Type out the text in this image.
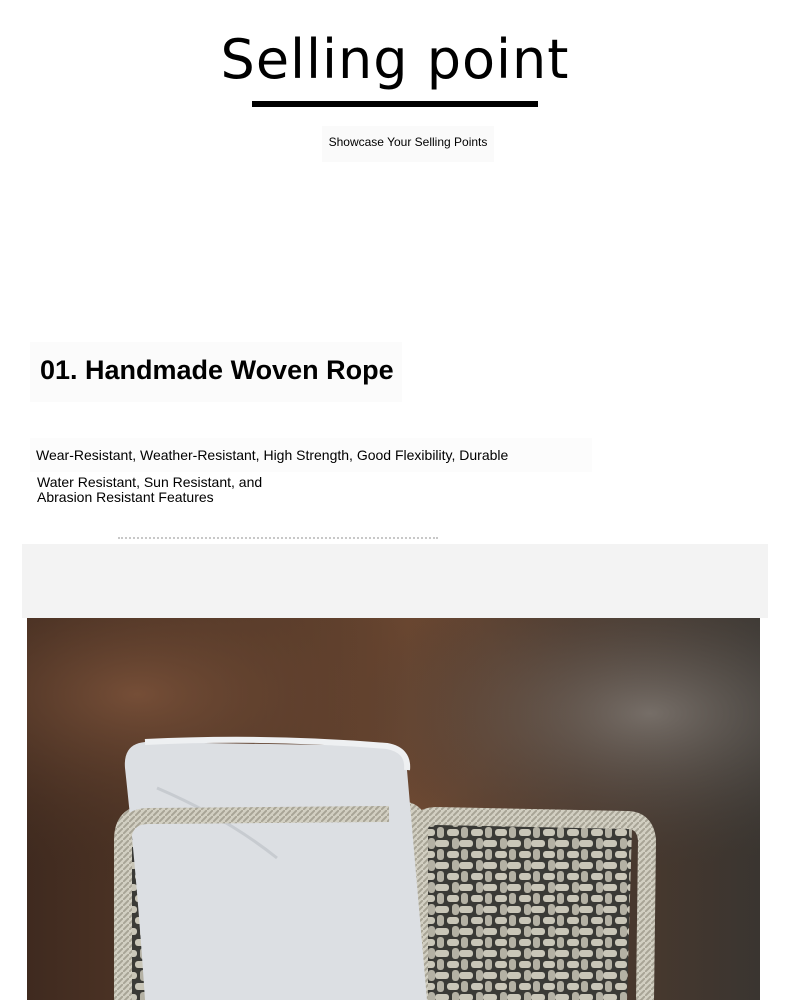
Selling point
Showcase Your Selling Points
01. Handmade Woven Rope
Wear-Resistant, Weather-Resistant, High Strength, Good Flexibility, Durable
Water Resistant, Sun Resistant, and Abrasion Resistant Features
